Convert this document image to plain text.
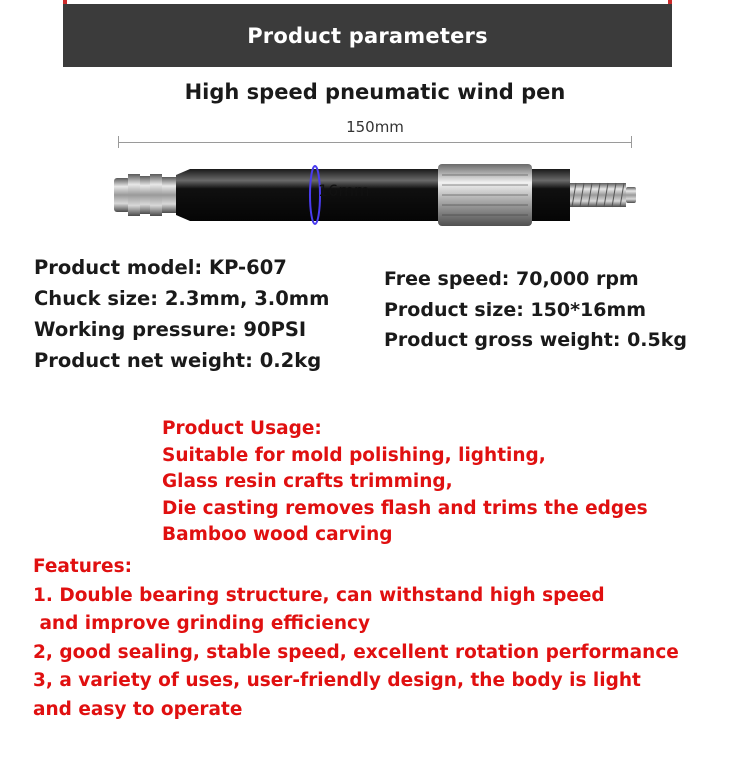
Product parameters
High speed pneumatic wind pen
150mm
16mm

Product model: KP-607

Chuck size: 2.3mm, 3.0mm

Working pressure: 90PSI

Product net weight: 0.2kg

Free speed: 70,000 rpm

Product size: 150*16mm

Product gross weight: 0.5kg

Product Usage:

Suitable for mold polishing, lighting,

Glass resin crafts trimming,

Die casting removes flash and trims the edges

Bamboo wood carving

Features:

1. Double bearing structure, can withstand high speed

and improve grinding efficiency

2, good sealing, stable speed, excellent rotation performance

3, a variety of uses, user-friendly design, the body is light

and easy to operate
